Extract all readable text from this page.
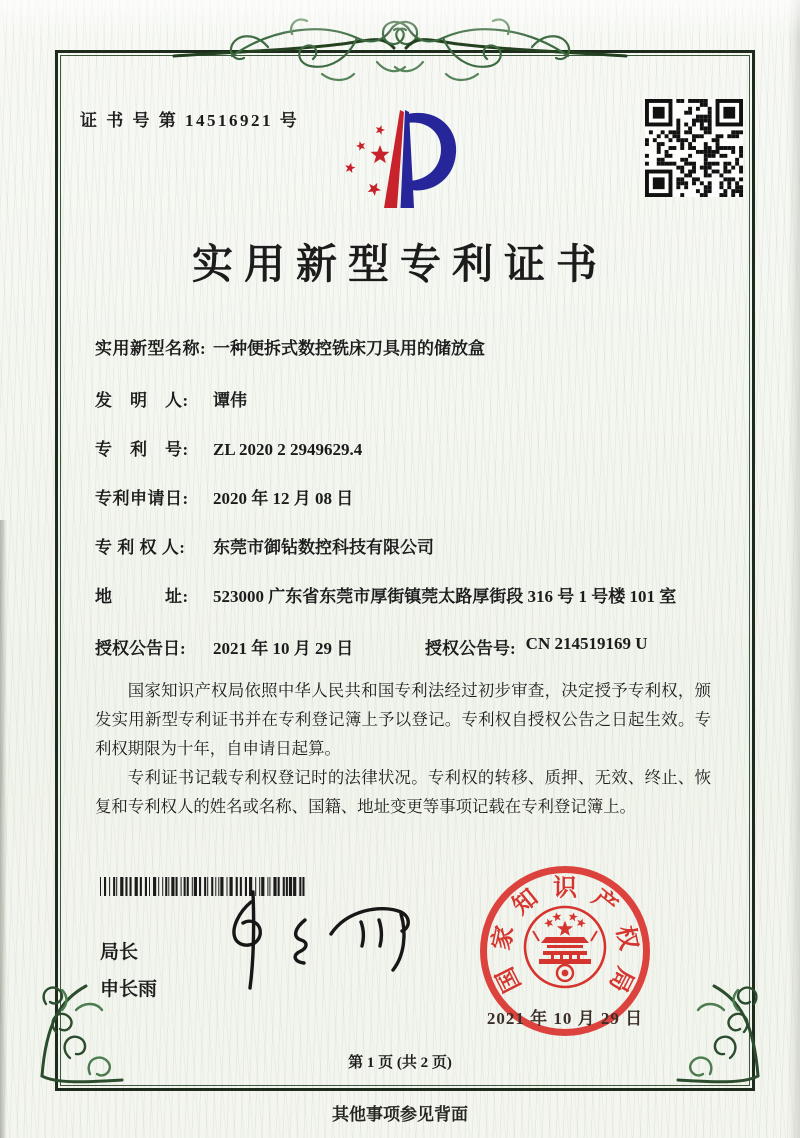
证 书 号 第 14516921 号
实用新型专利证书
实用新型名称: 一种便拆式数控铣床刀具用的储放盒
发　明　人:	谭伟
专　利　号:	ZL 2020 2 2949629.4
专利申请日:	2020 年 12 月 08 日
专 利 权 人:	东莞市御钻数控科技有限公司
地　　　址:	523000 广东省东莞市厚街镇莞太路厚街段 316 号 1 号楼 101 室
授权公告日:	2021 年 10 月 29 日	授权公告号: CN 214519169 U

国家知识产权局依照中华人民共和国专利法经过初步审查，决定授予专利权，颁发实用新型专利证书并在专利登记簿上予以登记。专利权自授权公告之日起生效。专利权期限为十年，自申请日起算。

专利证书记载专利权登记时的法律状况。专利权的转移、质押、无效、终止、恢复和专利权人的姓名或名称、国籍、地址变更等事项记载在专利登记簿上。

局长
申长雨	国
家
知 识 产
权
局
2021 年 10 月 29 日
第 1 页 (共 2 页)
其他事项参见背面
